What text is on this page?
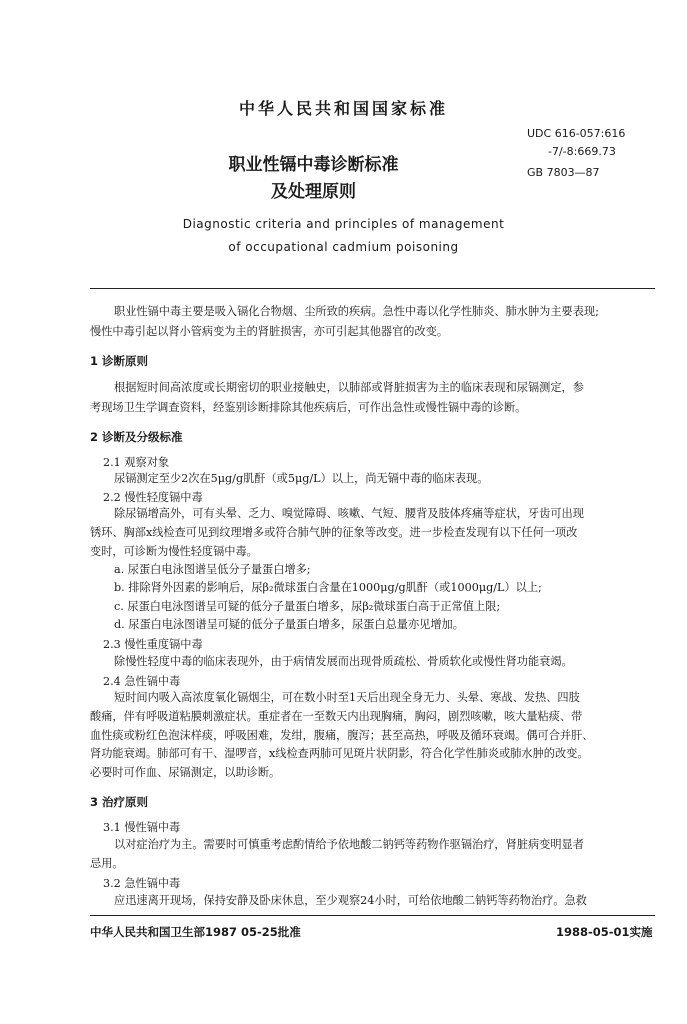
中华人民共和国国家标准
UDC 616-057:616
-7/-8:669.73
GB 7803—87
职业性镉中毒诊断标准
及处理原则
Diagnostic criteria and principles of management
of occupational cadmium poisoning
职业性镉中毒主要是吸入镉化合物烟、尘所致的疾病。急性中毒以化学性肺炎、肺水肿为主要表现;
慢性中毒引起以肾小管病变为主的肾脏损害，亦可引起其他器官的改变。
1 诊断原则
根据短时间高浓度或长期密切的职业接触史，以肺部或肾脏损害为主的临床表现和尿镉测定，参
考现场卫生学调查资料，经鉴别诊断排除其他疾病后，可作出急性或慢性镉中毒的诊断。
2 诊断及分级标准
2.1 观察对象
尿镉测定至少2次在5μg/g肌酐（或5μg/L）以上，尚无镉中毒的临床表现。
2.2 慢性轻度镉中毒
除尿镉增高外，可有头晕、乏力、嗅觉障碍、咳嗽、气短、腰背及肢体疼痛等症状，牙齿可出现
锈环、胸部x线检查可见到纹理增多或符合肺气肿的征象等改变。进一步检查发现有以下任何一项改
变时，可诊断为慢性轻度镉中毒。
a. 尿蛋白电泳图谱呈低分子量蛋白增多;
b. 排除肾外因素的影响后，尿β₂微球蛋白含量在1000μg/g肌酐（或1000μg/L）以上;
c. 尿蛋白电泳图谱呈可疑的低分子量蛋白增多，尿β₂微球蛋白高于正常值上限;
d. 尿蛋白电泳图谱呈可疑的低分子量蛋白增多，尿蛋白总量亦见增加。
2.3 慢性重度镉中毒
除慢性轻度中毒的临床表现外，由于病情发展而出现骨质疏松、骨质软化或慢性肾功能衰竭。
2.4 急性镉中毒
短时间内吸入高浓度氧化镉烟尘，可在数小时至1天后出现全身无力、头晕、寒战、发热、四肢
酸痛，伴有呼吸道粘膜刺激症状。重症者在一至数天内出现胸痛，胸闷，剧烈咳嗽，咳大量粘痰、带
血性痰或粉红色泡沫样痰，呼吸困难，发绀，腹痛，腹泻；甚至高热，呼吸及循环衰竭。偶可合并肝、
肾功能衰竭。肺部可有干、湿啰音，x线检查两肺可见斑片状阴影，符合化学性肺炎或肺水肿的改变。
必要时可作血、尿镉测定，以助诊断。
3 治疗原则
3.1 慢性镉中毒
以对症治疗为主。需要时可慎重考虑酌情给予依地酸二钠钙等药物作驱镉治疗，肾脏病变明显者
忌用。
3.2 急性镉中毒
应迅速离开现场，保持安静及卧床休息，至少观察24小时，可给依地酸二钠钙等药物治疗。急救
中华人民共和国卫生部1987 05-25批准	1988-05-01实施
